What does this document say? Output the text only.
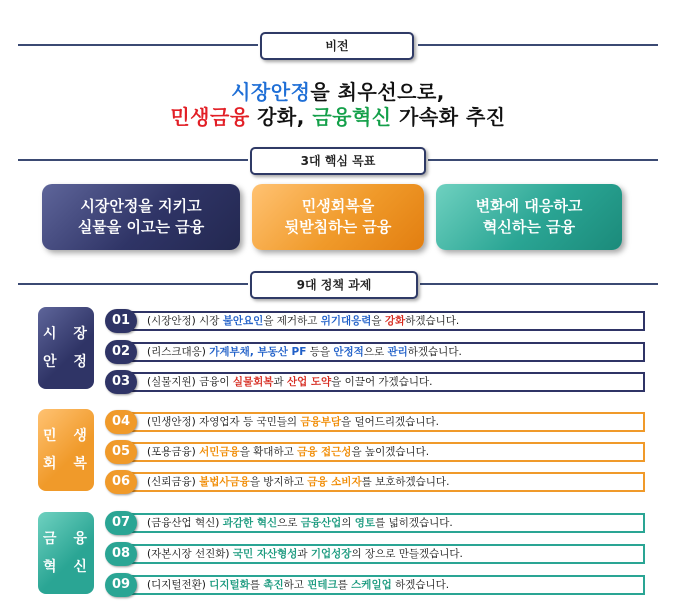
비전
시장안정을 최우선으로,
민생금융 강화, 금융혁신 가속화 추진
3대 핵심 목표
시장안정을 지키고
실물을 이고는 금융
민생회복을
뒷받침하는 금융
변화에 대응하고
혁신하는 금융
9대 정책 과제
시 장
안 정
민 생
회 복
금 융
혁 신
01	(시장안정) 시장 불안요인을 제거하고 위기대응력을 강화하겠습니다.
02	(리스크대응) 가계부채, 부동산 PF 등을 안정적으로 관리하겠습니다.
03	(실물지원) 금융이 실물회복과 산업 도약을 이끌어 가겠습니다.
04	(민생안정) 자영업자 등 국민들의 금융부담을 덜어드리겠습니다.
05	(포용금융) 서민금융을 확대하고 금융 접근성을 높이겠습니다.
06	(신뢰금융) 불법사금융을 방지하고 금융 소비자를 보호하겠습니다.
07	(금융산업 혁신) 과감한 혁신으로 금융산업의 영토를 넓히겠습니다.
08	(자본시장 선진화) 국민 자산형성과 기업성장의 장으로 만들겠습니다.
09	(디지털전환) 디지털화를 촉진하고 핀테크를 스케일업 하겠습니다.
